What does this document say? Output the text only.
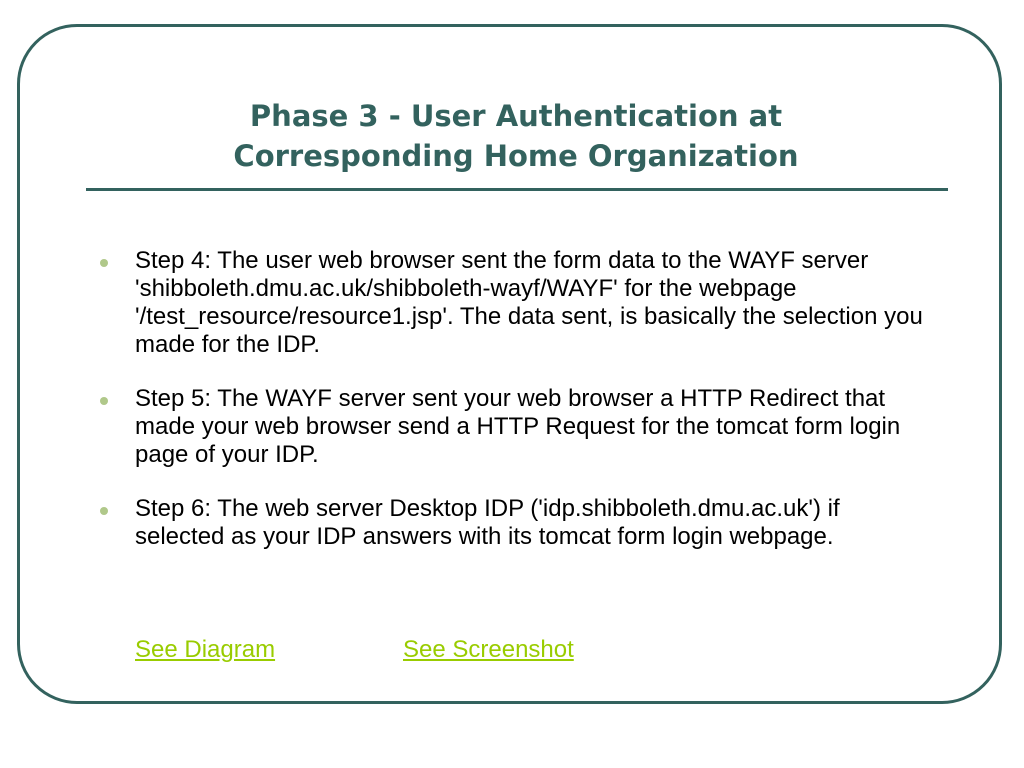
Phase 3 - User Authentication at
Corresponding Home Organization
Step 4: The user web browser sent the form data to the WAYF server 'shibboleth.dmu.ac.uk/shibboleth-wayf/WAYF' for the webpage '/test_resource/resource1.jsp'. The data sent, is basically the selection you made for the IDP.
Step 5: The WAYF server sent your web browser a HTTP Redirect that made your web browser send a HTTP Request for the tomcat form login page of your IDP.
Step 6: The web server Desktop IDP ('idp.shibboleth.dmu.ac.uk') if selected as your IDP answers with its tomcat form login webpage.
See Diagram	See Screenshot
